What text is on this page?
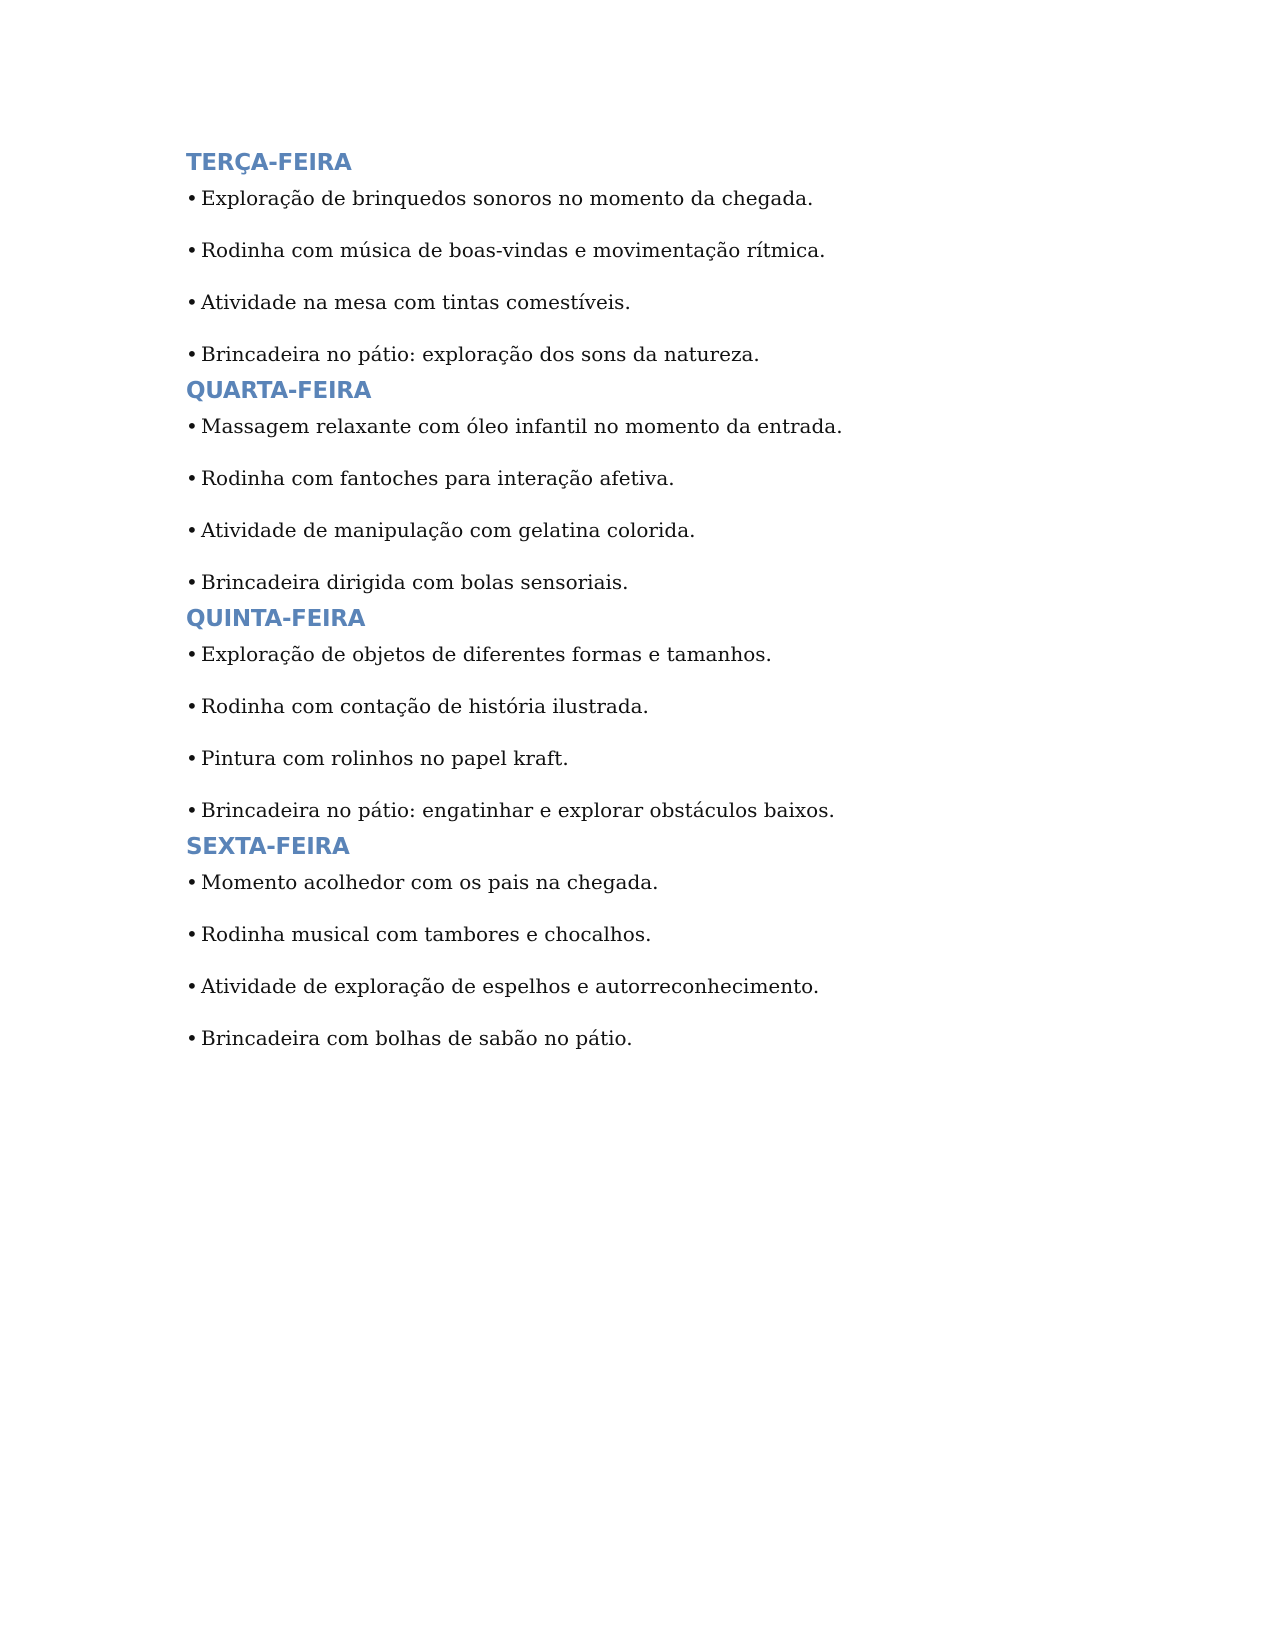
TERÇA-FEIRA
• Exploração de brinquedos sonoros no momento da chegada.
• Rodinha com música de boas-vindas e movimentação rítmica.
• Atividade na mesa com tintas comestíveis.
• Brincadeira no pátio: exploração dos sons da natureza.
QUARTA-FEIRA
• Massagem relaxante com óleo infantil no momento da entrada.
• Rodinha com fantoches para interação afetiva.
• Atividade de manipulação com gelatina colorida.
• Brincadeira dirigida com bolas sensoriais.
QUINTA-FEIRA
• Exploração de objetos de diferentes formas e tamanhos.
• Rodinha com contação de história ilustrada.
• Pintura com rolinhos no papel kraft.
• Brincadeira no pátio: engatinhar e explorar obstáculos baixos.
SEXTA-FEIRA
• Momento acolhedor com os pais na chegada.
• Rodinha musical com tambores e chocalhos.
• Atividade de exploração de espelhos e autorreconhecimento.
• Brincadeira com bolhas de sabão no pátio.
